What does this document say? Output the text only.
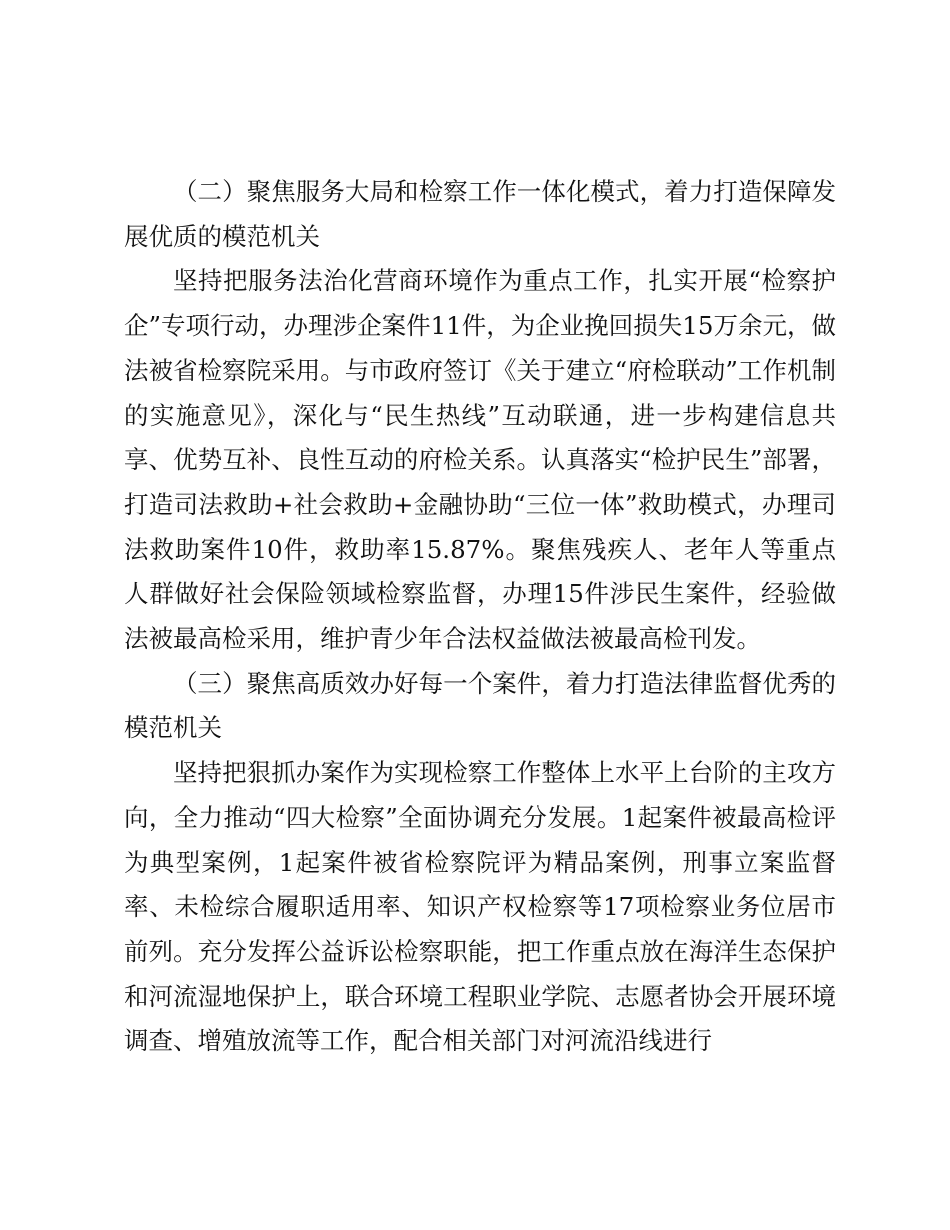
（二）聚焦服务大局和检察工作一体化模式，着力打造保障发展优质的模范机关

坚持把服务法治化营商环境作为重点工作，扎实开展“检察护企”专项行动，办理涉企案件11件，为企业挽回损失15万余元，做法被省检察院采用。与市政府签订《关于建立“府检联动”工作机制的实施意见》，深化与“民生热线”互动联通，进一步构建信息共享、优势互补、良性互动的府检关系。认真落实“检护民生”部署，打造司法救助+社会救助+金融协助“三位一体”救助模式，办理司法救助案件10件，救助率15.87%。聚焦残疾人、老年人等重点人群做好社会保险领域检察监督，办理15件涉民生案件，经验做法被最高检采用，维护青少年合法权益做法被最高检刊发。

（三）聚焦高质效办好每一个案件，着力打造法律监督优秀的模范机关

坚持把狠抓办案作为实现检察工作整体上水平上台阶的主攻方向，全力推动“四大检察”全面协调充分发展。1起案件被最高检评为典型案例，1起案件被省检察院评为精品案例，刑事立案监督率、未检综合履职适用率、知识产权检察等17项检察业务位居市前列。充分发挥公益诉讼检察职能，把工作重点放在海洋生态保护和河流湿地保护上，联合环境工程职业学院、志愿者协会开展环境调查、增殖放流等工作，配合相关部门对河流沿线进行
